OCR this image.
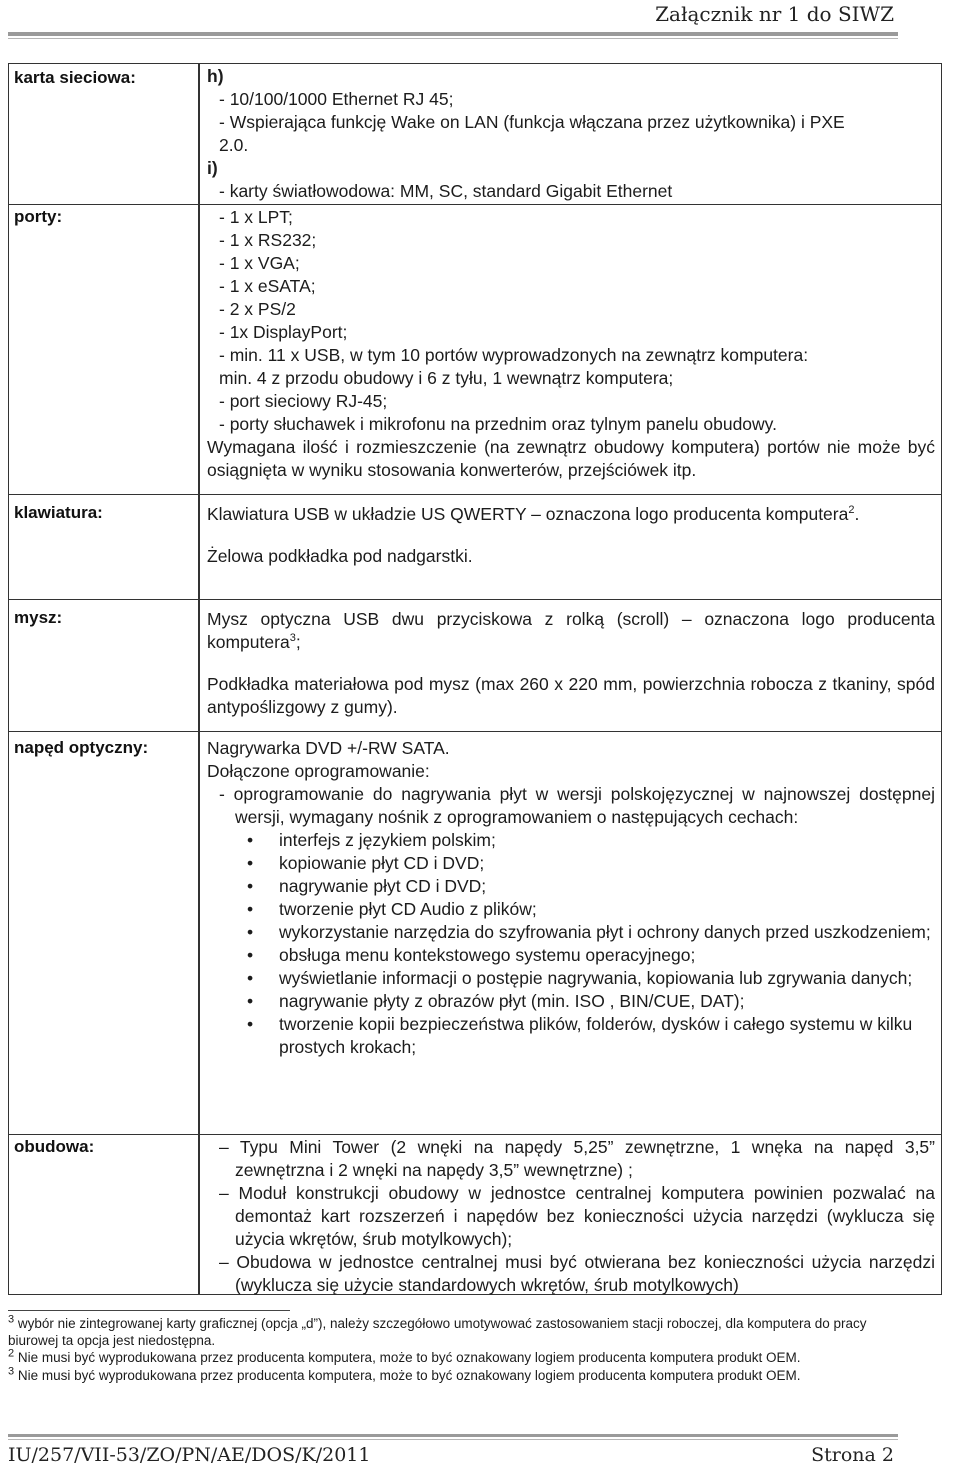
Załącznik nr 1 do SIWZ
karta sieciowa:	h)

- 10/100/1000 Ethernet RJ 45;

- Wspierająca funkcję Wake on LAN (funkcja włączana przez użytkownika) i PXE

2.0.

i)

- karty światłowodowa: MM, SC, standard Gigabit Ethernet

porty:	- 1 x LPT;

- 1 x RS232;

- 1 x VGA;

- 1 x eSATA;

- 2 x PS/2

- 1x DisplayPort;

- min. 11 x USB, w tym 10 portów wyprowadzonych na zewnątrz komputera:

min. 4 z przodu obudowy i 6 z tyłu, 1 wewnątrz komputera;

- port sieciowy RJ-45;

- porty słuchawek i mikrofonu na przednim oraz tylnym panelu obudowy.

Wymagana ilość i rozmieszczenie (na zewnątrz obudowy komputera) portów nie może być osiągnięta w wyniku stosowania konwerterów, przejściówek itp.

klawiatura:	Klawiatura USB w układzie US QWERTY – oznaczona logo producenta komputera$^2$.

Żelowa podkładka pod nadgarstki.

mysz:	Mysz optyczna USB dwu przyciskowa z rolką (scroll) – oznaczona logo producenta komputera$^3$;

Podkładka materiałowa pod mysz (max 260 x 220 mm, powierzchnia robocza z tkaniny, spód antypoślizgowy z gumy).

napęd optyczny:	Nagrywarka DVD +/-RW SATA.

Dołączone oprogramowanie:

- oprogramowanie do nagrywania płyt w wersji polskojęzycznej w najnowszej dostępnej wersji, wymagany nośnik z oprogramowaniem o następujących cechach:

• interfejs z językiem polskim;

• kopiowanie płyt CD i DVD;

• nagrywanie płyt CD i DVD;

• tworzenie płyt CD Audio z plików;

• wykorzystanie narzędzia do szyfrowania płyt i ochrony danych przed uszkodzeniem;

• obsługa menu kontekstowego systemu operacyjnego;

• wyświetlanie informacji o postępie nagrywania, kopiowania lub zgrywania danych;

• nagrywanie płyty z obrazów płyt (min. ISO , BIN/CUE, DAT);

• tworzenie kopii bezpieczeństwa plików, folderów, dysków i całego systemu w kilku prostych krokach;

obudowa:	– Typu Mini Tower (2 wnęki na napędy 5,25” zewnętrzne, 1 wnęka na napęd 3,5” zewnętrzna i 2 wnęki na napędy 3,5” wewnętrzne) ;

– Moduł konstrukcji obudowy w jednostce centralnej komputera powinien pozwalać na demontaż kart rozszerzeń i napędów bez konieczności użycia narzędzi (wyklucza się użycia wkrętów, śrub motylkowych);

– Obudowa w jednostce centralnej musi być otwierana bez konieczności użycia narzędzi (wyklucza się użycie standardowych wkrętów, śrub motylkowych)

$^3$ wybór nie zintegrowanej karty graficznej (opcja „d”), należy szczegółowo umotywować zastosowaniem stacji roboczej, dla komputera do pracy biurowej ta opcja jest niedostępna.

$^2$ Nie musi być wyprodukowana przez producenta komputera, może to być oznakowany logiem producenta komputera produkt OEM.

$^3$ Nie musi być wyprodukowana przez producenta komputera, może to być oznakowany logiem producenta komputera produkt OEM.

IU/257/VII-53/ZO/PN/AE/DOS/K/2011	Strona 2
